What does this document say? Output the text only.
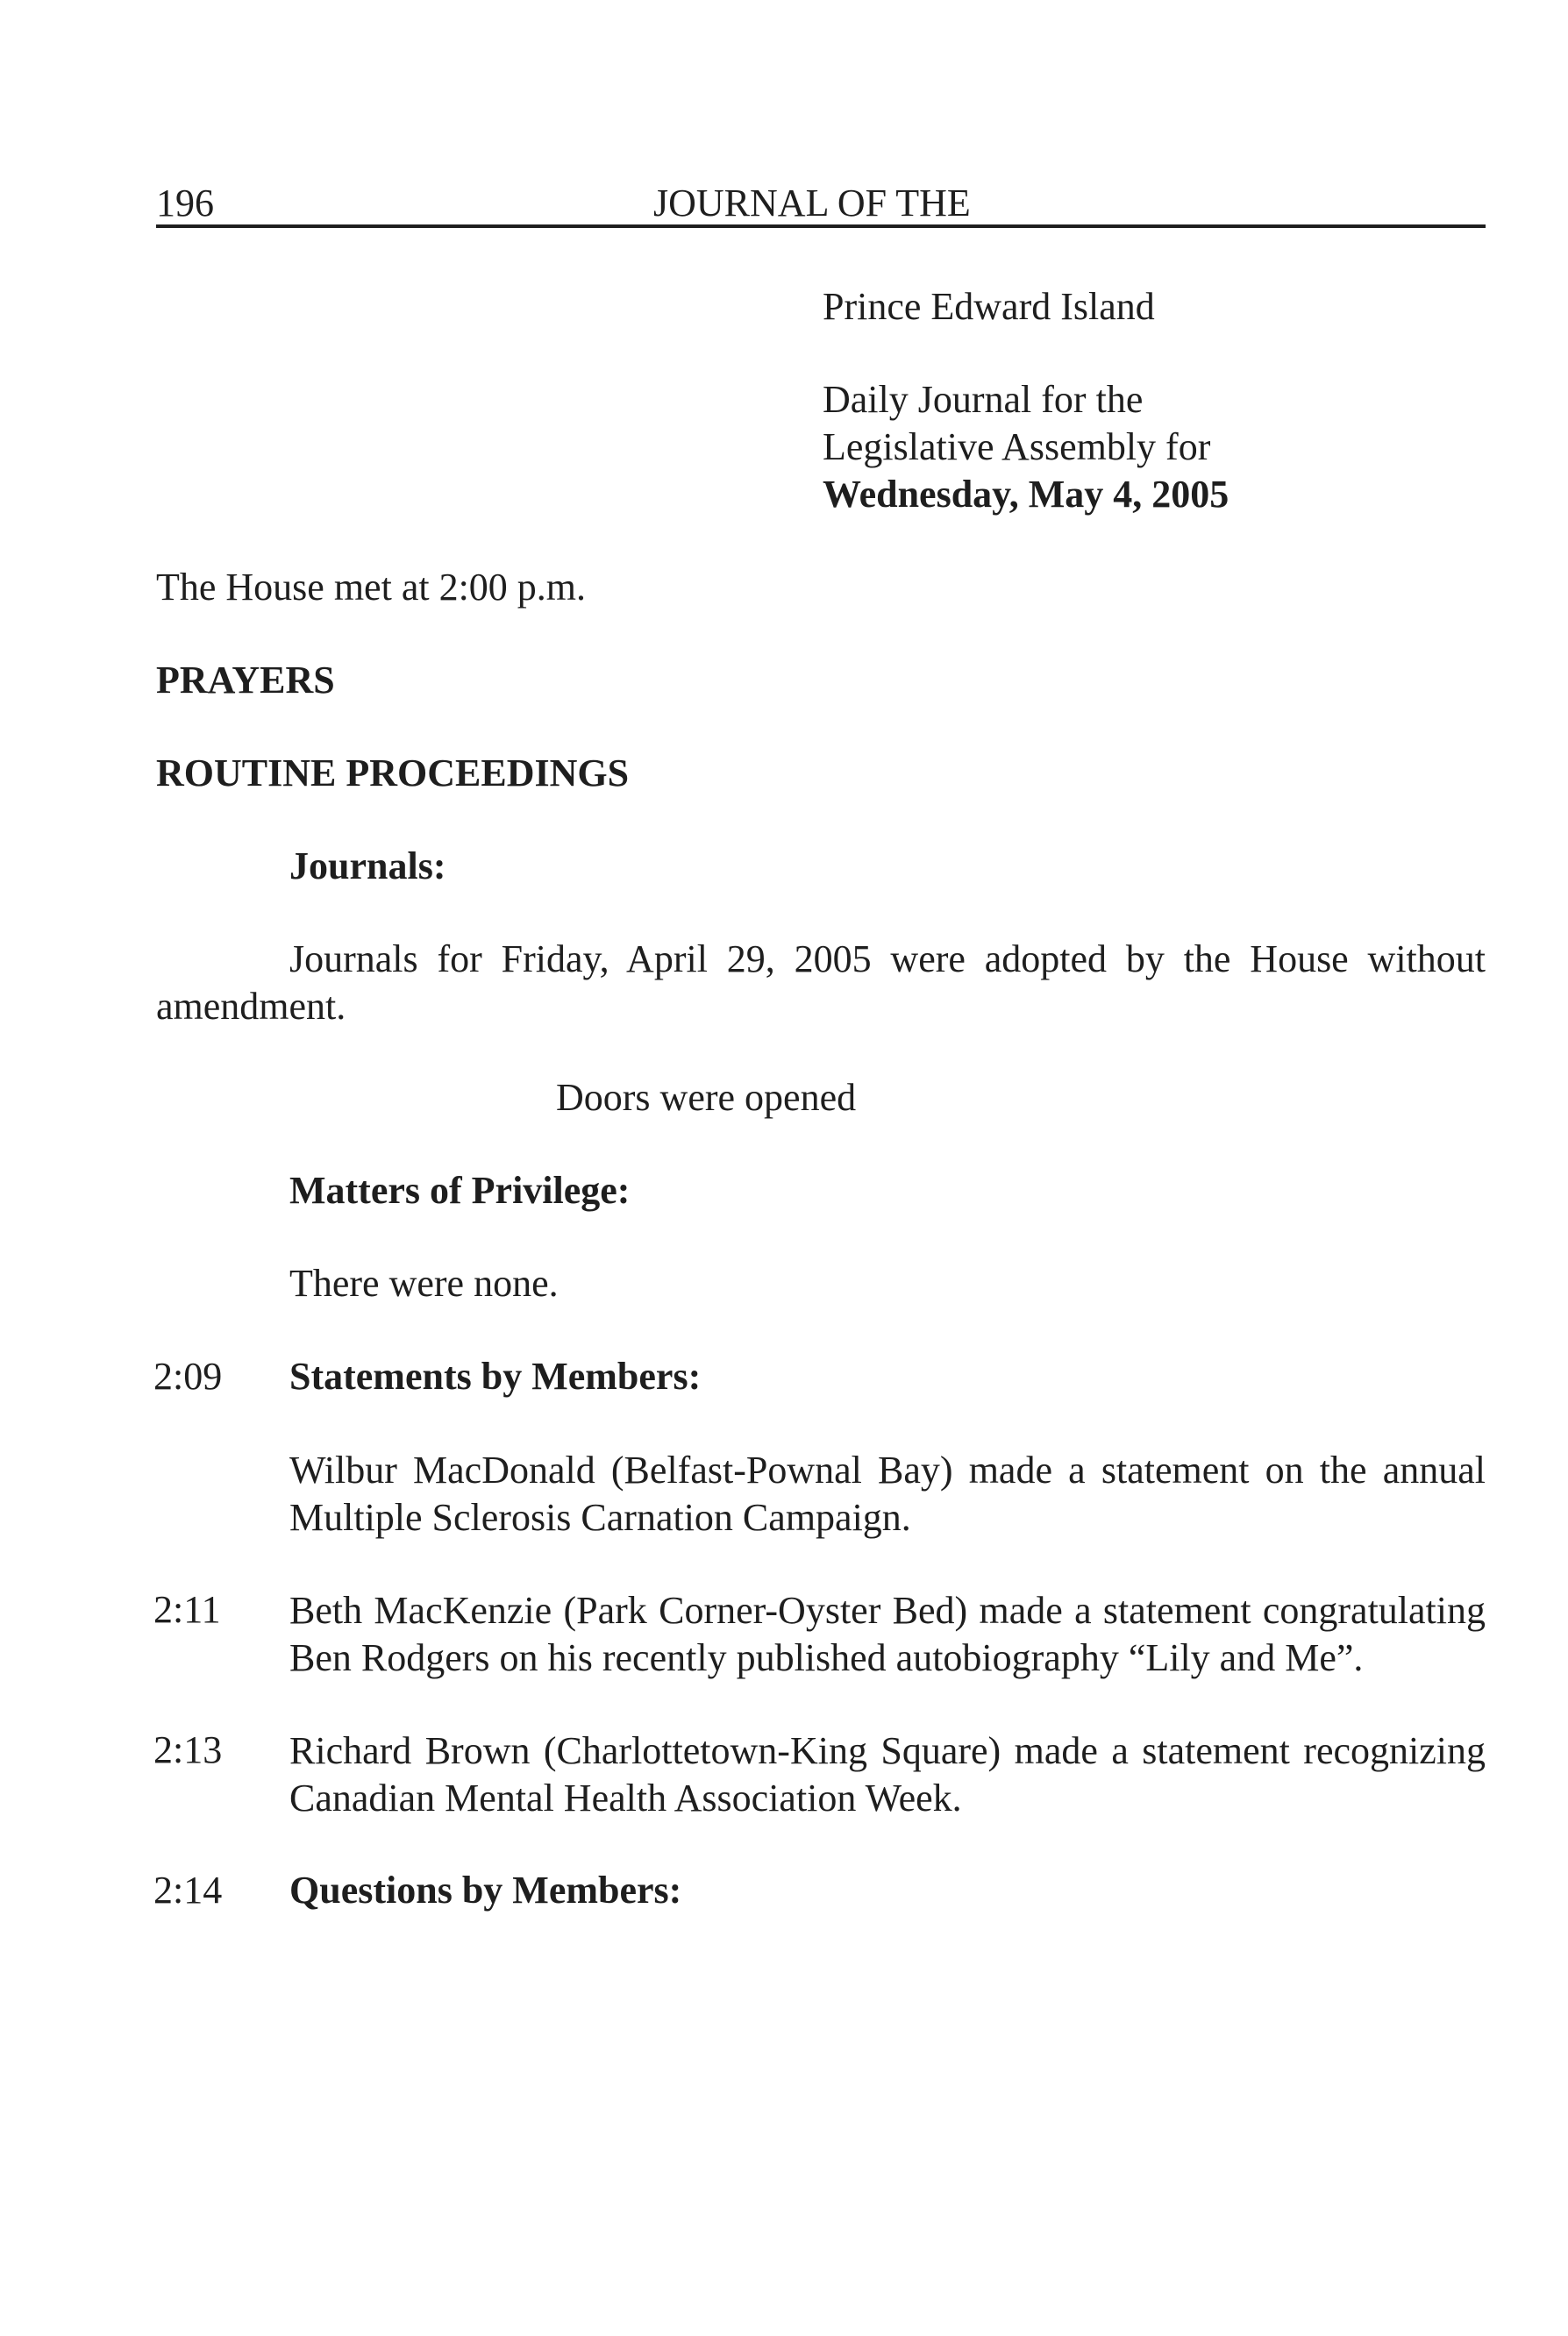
196	JOURNAL OF THE
Prince Edward Island
Daily Journal for the
Legislative Assembly for
Wednesday, May 4, 2005
The House met at 2:00 p.m.
PRAYERS
ROUTINE PROCEEDINGS
Journals:
Journals for Friday, April 29, 2005 were adopted by the House without
amendment.
Doors were opened
Matters of Privilege:
There were none.
2:09 Statements by Members:
Wilbur MacDonald (Belfast-Pownal Bay) made a statement on the annual
Multiple Sclerosis Carnation Campaign.
2:11 Beth MacKenzie (Park Corner-Oyster Bed) made a statement congratulating
Ben Rodgers on his recently published autobiography “Lily and Me”.
2:13 Richard Brown (Charlottetown-King Square) made a statement recognizing
Canadian Mental Health Association Week.
2:14 Questions by Members:
